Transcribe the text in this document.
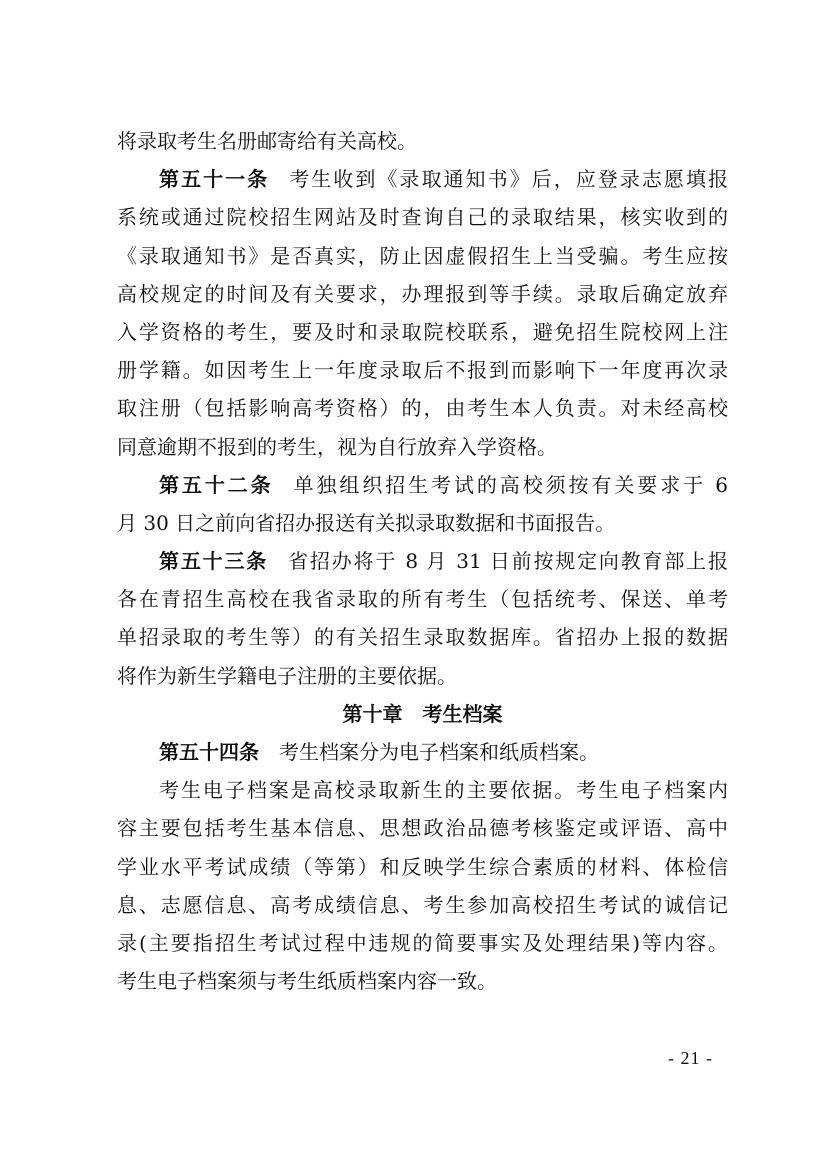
将录取考生名册邮寄给有关高校。
第五十一条 考生收到《录取通知书》后，应登录志愿填报
系统或通过院校招生网站及时查询自己的录取结果，核实收到的
《录取通知书》是否真实，防止因虚假招生上当受骗。考生应按
高校规定的时间及有关要求，办理报到等手续。录取后确定放弃
入学资格的考生，要及时和录取院校联系，避免招生院校网上注
册学籍。如因考生上一年度录取后不报到而影响下一年度再次录
取注册（包括影响高考资格）的，由考生本人负责。对未经高校
同意逾期不报到的考生，视为自行放弃入学资格。
第五十二条 单独组织招生考试的高校须按有关要求于 6
月 30 日之前向省招办报送有关拟录取数据和书面报告。
第五十三条 省招办将于 8 月 31 日前按规定向教育部上报
各在青招生高校在我省录取的所有考生（包括统考、保送、单考
单招录取的考生等）的有关招生录取数据库。省招办上报的数据
将作为新生学籍电子注册的主要依据。
第十章 考生档案
第五十四条 考生档案分为电子档案和纸质档案。
考生电子档案是高校录取新生的主要依据。考生电子档案内
容主要包括考生基本信息、思想政治品德考核鉴定或评语、高中
学业水平考试成绩（等第）和反映学生综合素质的材料、体检信
息、志愿信息、高考成绩信息、考生参加高校招生考试的诚信记
录(主要指招生考试过程中违规的简要事实及处理结果)等内容。
考生电子档案须与考生纸质档案内容一致。
- 21 -
